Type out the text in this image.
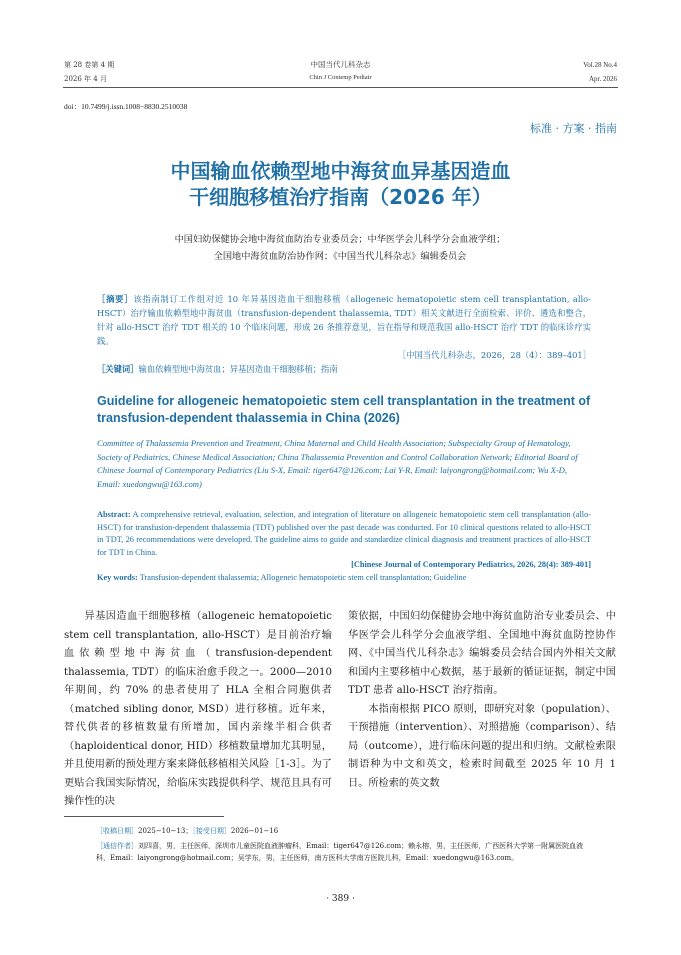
第 28 卷第 4 期
2026 年 4 月
中国当代儿科杂志
Chin J Contemp Pediatr
Vol.28 No.4
Apr. 2026
doi：10.7499/j.issn.1008−8830.2510038
标准 · 方案 · 指南
中国输血依赖型地中海贫血异基因造血
干细胞移植治疗指南（2026 年）
中国妇幼保健协会地中海贫血防治专业委员会；中华医学会儿科学分会血液学组；
全国地中海贫血防治协作网；《中国当代儿科杂志》编辑委员会
［摘要］该指南制订工作组对近 10 年异基因造血干细胞移植（allogeneic hematopoietic stem cell transplantation, allo-HSCT）治疗输血依赖型地中海贫血（transfusion-dependent thalassemia, TDT）相关文献进行全面检索、评价、遴选和整合，针对 allo-HSCT 治疗 TDT 相关的 10 个临床问题，形成 26 条推荐意见，旨在指导和规范我国 allo-HSCT 治疗 TDT 的临床诊疗实践。
［中国当代儿科杂志，2026，28（4）：389–401］
［关键词］输血依赖型地中海贫血；异基因造血干细胞移植；指南
Guideline for allogeneic hematopoietic stem cell transplantation in the treatment of
transfusion-dependent thalassemia in China (2026)
Committee of Thalassemia Prevention and Treatment, China Maternal and Child Health Association; Subspecialty Group of Hematology, Society of Pediatrics, Chinese Medical Association; China Thalassemia Prevention and Control Collaboration Network; Editorial Board of Chinese Journal of Contemporary Pediatrics (Liu S-X, Email: tiger647@126.com; Lai Y-R, Email: laiyongrong@hotmail.com; Wu X-D, Email: xuedongwu@163.com)
Abstract: A comprehensive retrieval, evaluation, selection, and integration of literature on allogeneic hematopoietic stem cell transplantation (allo-HSCT) for transfusion-dependent thalassemia (TDT) published over the past decade was conducted. For 10 clinical questions related to allo-HSCT in TDT, 26 recommendations were developed. The guideline aims to guide and standardize clinical diagnosis and treatment practices of allo-HSCT for TDT in China.
[Chinese Journal of Contemporary Pediatrics, 2026, 28(4): 389-401]
Key words: Transfusion-dependent thalassemia; Allogeneic hematopoietic stem cell transplantation; Guideline

异基因造血干细胞移植（allogeneic hematopoietic stem cell transplantation, allo-HSCT）是目前治疗输血依赖型地中海贫血（transfusion-dependent thalassemia, TDT）的临床治愈手段之一。2000—2010 年期间，约 70% 的患者使用了 HLA 全相合同胞供者（matched sibling donor, MSD）进行移植。近年来，替代供者的移植数量有所增加，国内亲缘半相合供者（haploidentical donor, HID）移植数量增加尤其明显，并且使用新的预处理方案来降低移植相关风险［1-3］。为了更贴合我国实际情况，给临床实践提供科学、规范且具有可操作性的决

策依据，中国妇幼保健协会地中海贫血防治专业委员会、中华医学会儿科学分会血液学组、全国地中海贫血防控协作网、《中国当代儿科杂志》编辑委员会结合国内外相关文献和国内主要移植中心数据，基于最新的循证证据，制定中国 TDT 患者 allo-HSCT 治疗指南。

本指南根据 PICO 原则，即研究对象（population）、干预措施（intervention）、对照措施（comparison）、结局（outcome），进行临床问题的提出和归纳。文献检索限制语种为中文和英文，检索时间截至 2025 年 10 月 1 日。所检索的英文数

［收稿日期］2025−10−13；［接受日期］2026−01−16
［通信作者］刘四喜，男，主任医师，深圳市儿童医院血液肿瘤科，Email：tiger647@126.com；赖永榕，男，主任医师，广西医科大学第一附属医院血液科，Email：laiyongrong@hotmail.com；吴学东，男，主任医师，南方医科大学南方医院儿科，Email：xuedongwu@163.com。
· 389 ·
